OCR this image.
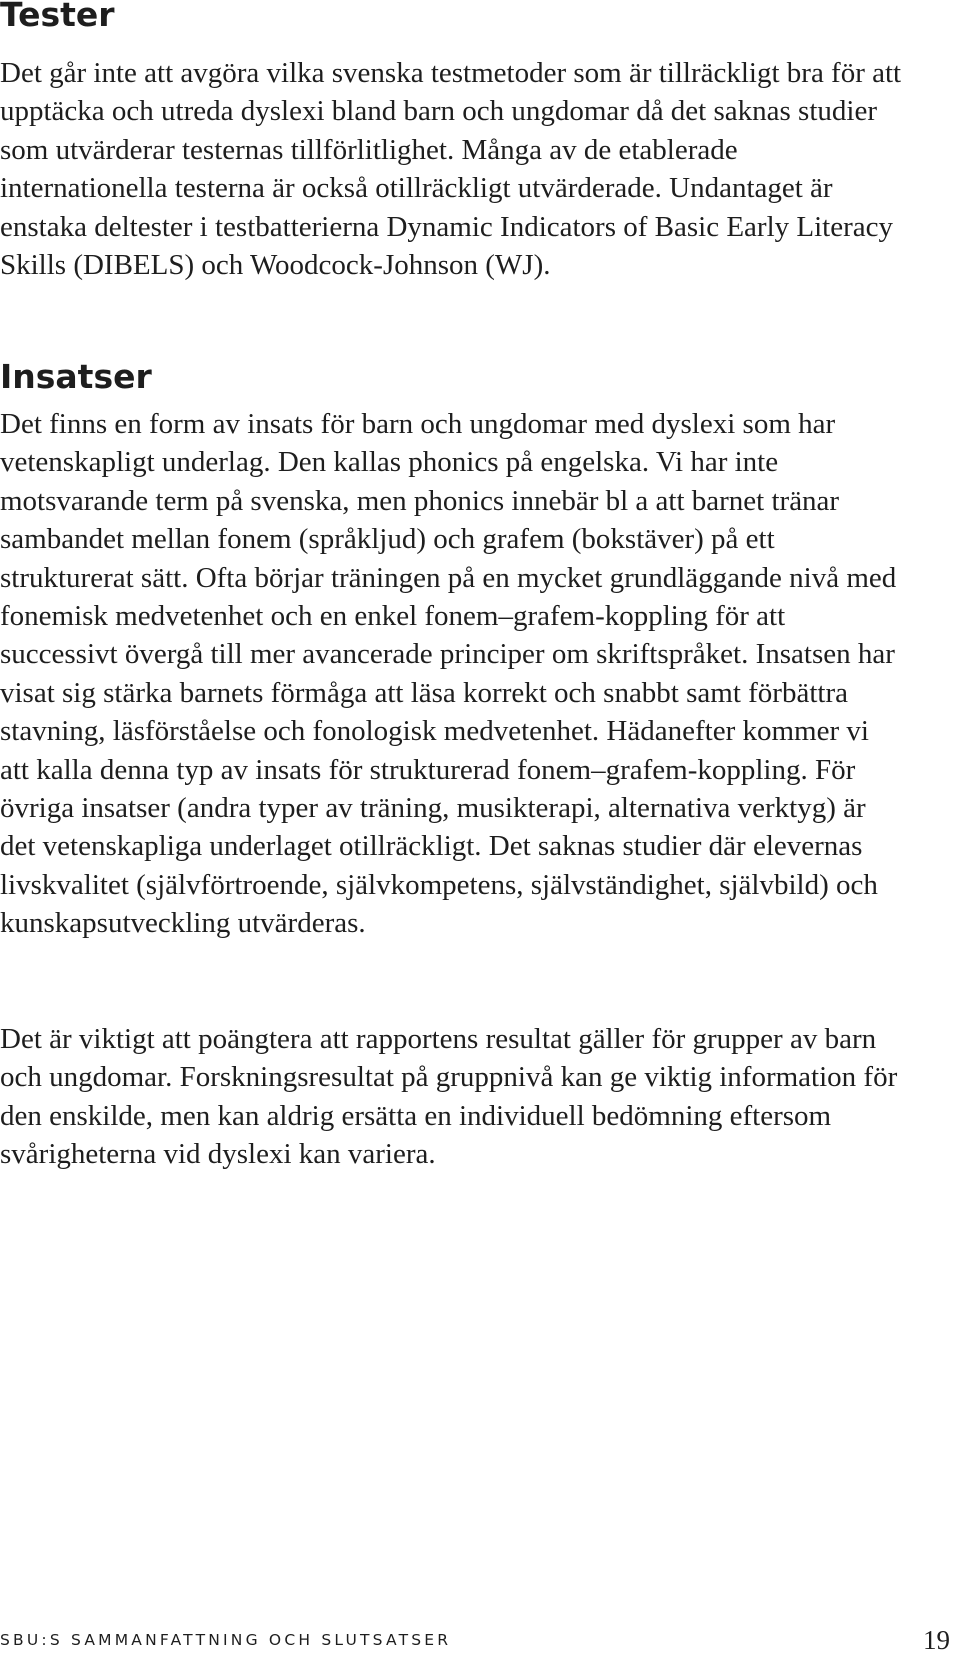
Tester

Det går inte att avgöra vilka svenska testmetoder som är tillräckligt bra för att upptäcka och utreda dyslexi bland barn och ungdomar då det saknas studier som utvärderar testernas tillförlitlighet. Många av de etablerade internationella testerna är också otillräckligt utvärderade. Undantaget är enstaka deltester i testbatterierna Dynamic Indicators of Basic Early Literacy Skills (DIBELS) och Woodcock-Johnson (WJ).

Insatser

Det finns en form av insats för barn och ungdomar med dyslexi som har vetenskapligt underlag. Den kallas phonics på engelska. Vi har inte motsvarande term på svenska, men phonics innebär bl a att barnet tränar sambandet mellan fonem (språkljud) och grafem (bokstäver) på ett strukturerat sätt. Ofta börjar träningen på en mycket grundläggande nivå med fonemisk medvetenhet och en enkel fonem–grafem-koppling för att successivt övergå till mer avancerade principer om skriftspråket. Insatsen har visat sig stärka barnets förmåga att läsa korrekt och snabbt samt förbättra stavning, läsförståelse och fonologisk medvetenhet. Hädanefter kommer vi att kalla denna typ av insats för strukturerad fonem–grafem-koppling. För övriga insatser (andra typer av träning, musikterapi, alternativa verktyg) är det vetenskapliga underlaget otillräckligt. Det saknas studier där elevernas livskvalitet (självförtroende, självkompetens, självständighet, självbild) och kunskapsutveckling utvärderas.

Det är viktigt att poängtera att rapportens resultat gäller för grupper av barn och ungdomar. Forskningsresultat på gruppnivå kan ge viktig information för den enskilde, men kan aldrig ersätta en individuell bedömning eftersom svårigheterna vid dyslexi kan variera.

SBU:S SAMMANFATTNING OCH SLUTSATSER	19
